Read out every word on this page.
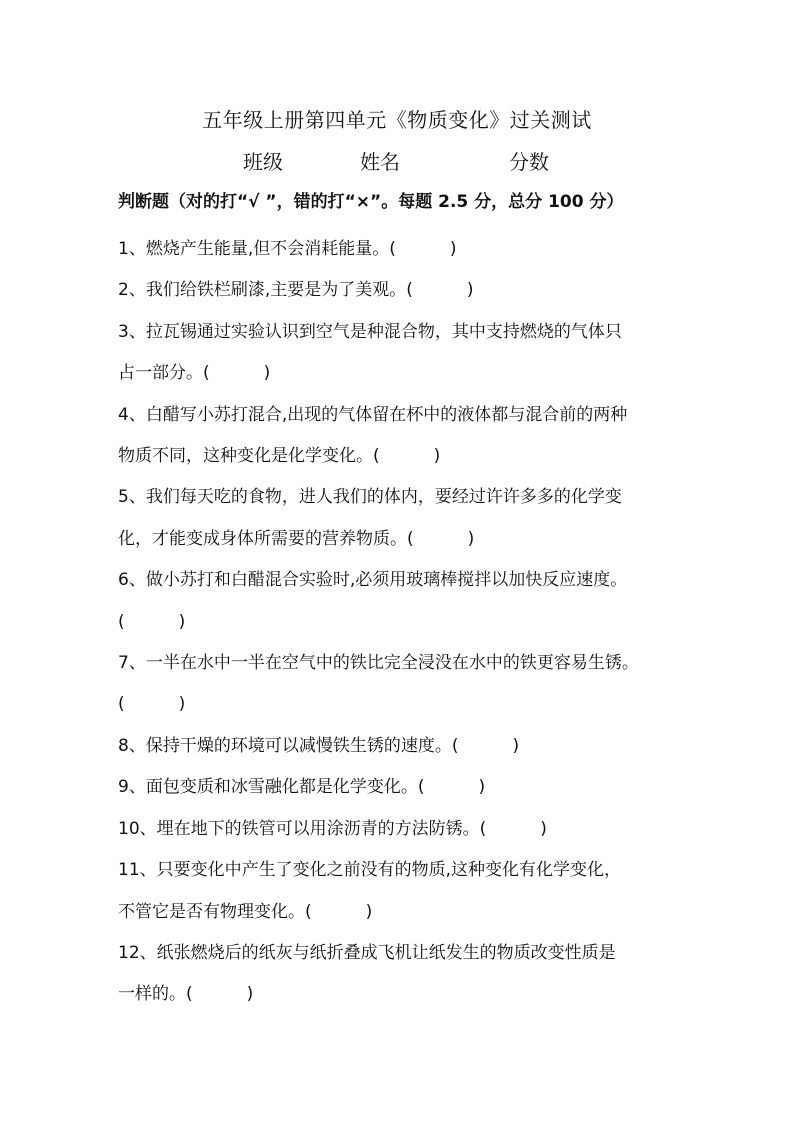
五年级上册第四单元《物质变化》过关测试
班级	姓名	分数
判断题（对的打“√ ”，错的打“×”。每题 2.5 分，总分 100 分）
1、燃烧产生能量,但不会消耗能量。(	)
2、我们给铁栏刷漆,主要是为了美观。(	)
3、拉瓦锡通过实验认识到空气是种混合物，其中支持燃烧的气体只
占一部分。(	)
4、白醋写小苏打混合,出现的气体留在杯中的液体都与混合前的两种
物质不同，这种变化是化学变化。(	)
5、我们每天吃的食物，进人我们的体内，要经过许许多多的化学变
化，才能变成身体所需要的营养物质。(	)
6、做小苏打和白醋混合实验时,必须用玻璃棒搅拌以加快反应速度。
(	)
7、一半在水中一半在空气中的铁比完全浸没在水中的铁更容易生锈。
(	)
8、保持干燥的环境可以减慢铁生锈的速度。(	)
9、面包变质和冰雪融化都是化学变化。(	)
10、埋在地下的铁管可以用涂沥青的方法防锈。(	)
11、只要变化中产生了变化之前没有的物质,这种变化有化学变化，
不管它是否有物理变化。(	)
12、纸张燃烧后的纸灰与纸折叠成飞机让纸发生的物质改变性质是
一样的。(	)
